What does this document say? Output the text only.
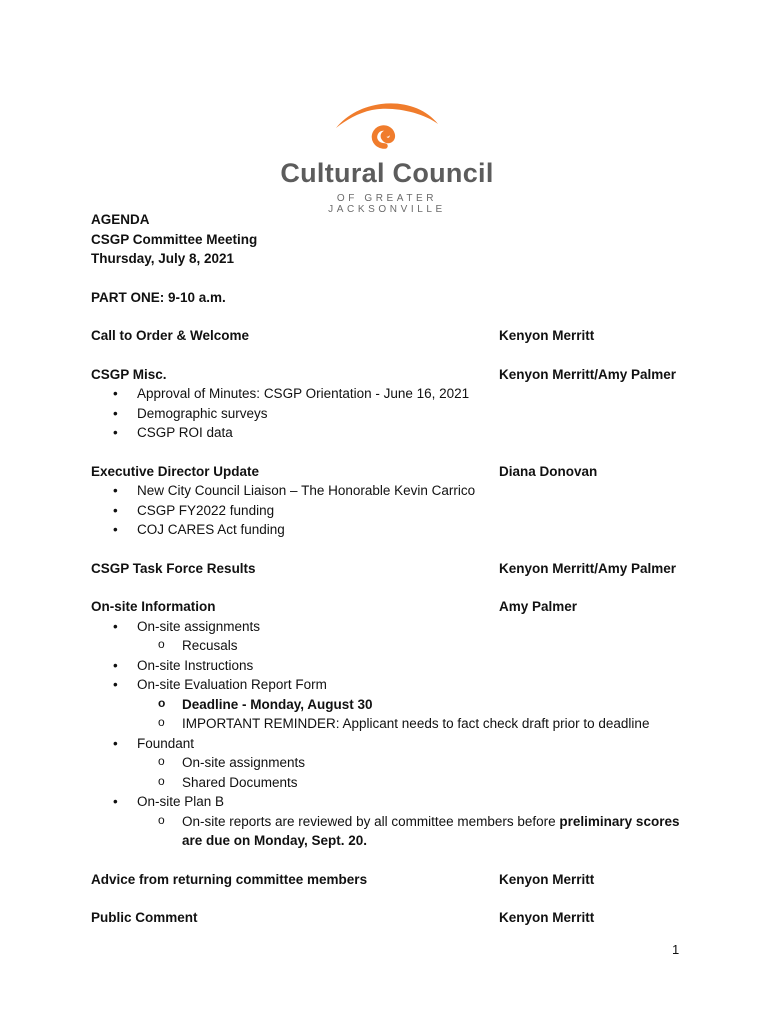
Cultural Council
OF GREATER JACKSONVILLE
AGENDA
CSGP Committee Meeting
Thursday, July 8, 2021
PART ONE: 9-10 a.m.
Call to Order & Welcome	Kenyon Merritt
CSGP Misc.	Kenyon Merritt/Amy Palmer
• Approval of Minutes: CSGP Orientation - June 16, 2021
• Demographic surveys
• CSGP ROI data
Executive Director Update	Diana Donovan
• New City Council Liaison – The Honorable Kevin Carrico
• CSGP FY2022 funding
• COJ CARES Act funding
CSGP Task Force Results	Kenyon Merritt/Amy Palmer
On-site Information	Amy Palmer
• On-site assignments
o Recusals
• On-site Instructions
• On-site Evaluation Report Form
o Deadline - Monday, August 30
o IMPORTANT REMINDER: Applicant needs to fact check draft prior to deadline
• Foundant
o On-site assignments
o Shared Documents
• On-site Plan B
o On-site reports are reviewed by all committee members before preliminary scores are due on Monday, Sept. 20.
Advice from returning committee members	Kenyon Merritt
Public Comment	Kenyon Merritt
1
